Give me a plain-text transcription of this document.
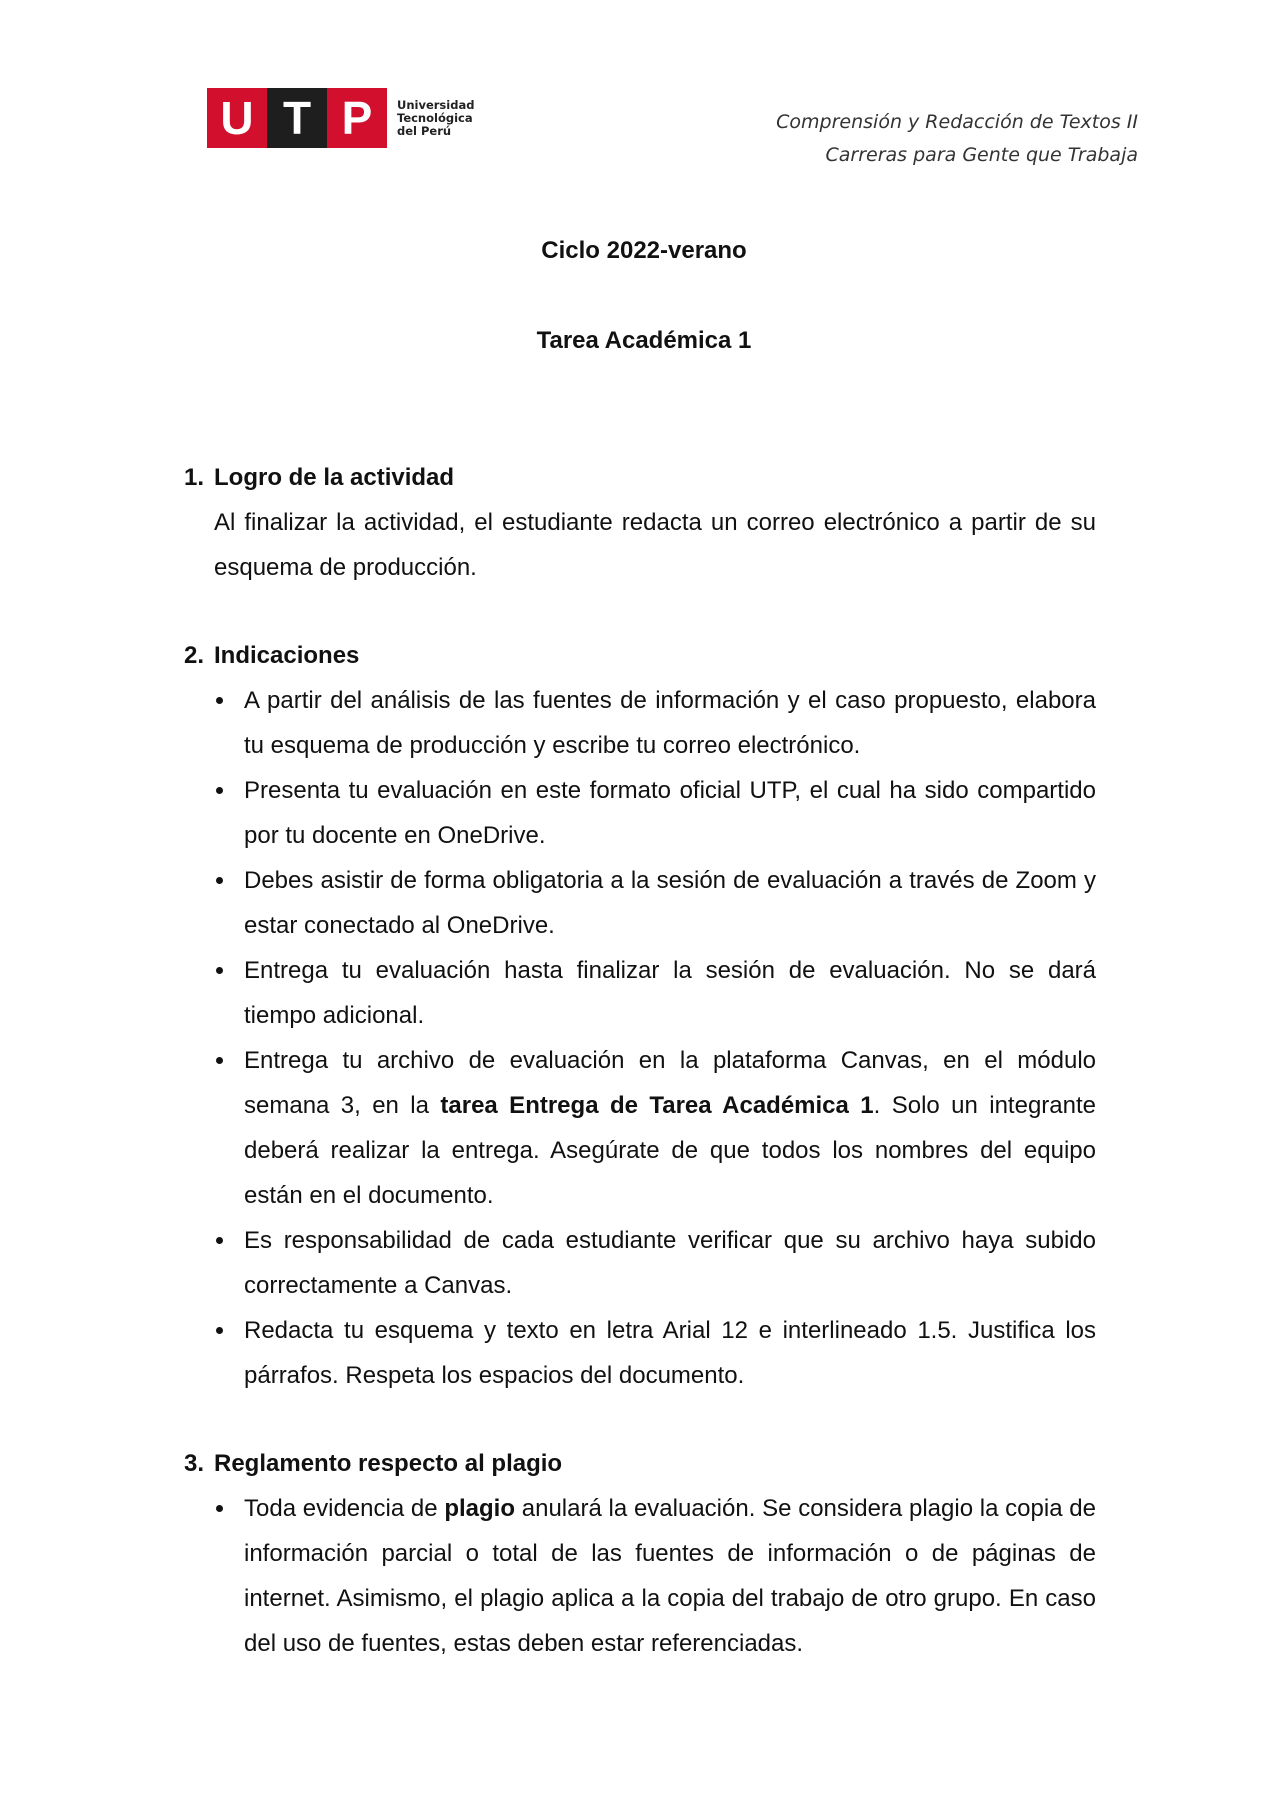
U T P	Universidad
Tecnológica
del Perú	Comprensión y Redacción de Textos II
Carreras para Gente que Trabaja
Ciclo 2022-verano
Tarea Académica 1
1. Logro de la actividad
Al finalizar la actividad, el estudiante redacta un correo electrónico a partir de su esquema de producción.
2. Indicaciones
A partir del análisis de las fuentes de información y el caso propuesto, elabora tu esquema de producción y escribe tu correo electrónico.
Presenta tu evaluación en este formato oficial UTP, el cual ha sido compartido por tu docente en OneDrive.
Debes asistir de forma obligatoria a la sesión de evaluación a través de Zoom y estar conectado al OneDrive.
Entrega tu evaluación hasta finalizar la sesión de evaluación. No se dará tiempo adicional.
Entrega tu archivo de evaluación en la plataforma Canvas, en el módulo semana 3, en la tarea Entrega de Tarea Académica 1. Solo un integrante deberá realizar la entrega. Asegúrate de que todos los nombres del equipo están en el documento.
Es responsabilidad de cada estudiante verificar que su archivo haya subido correctamente a Canvas.
Redacta tu esquema y texto en letra Arial 12 e interlineado 1.5. Justifica los párrafos. Respeta los espacios del documento.
3. Reglamento respecto al plagio
Toda evidencia de plagio anulará la evaluación. Se considera plagio la copia de información parcial o total de las fuentes de información o de páginas de internet. Asimismo, el plagio aplica a la copia del trabajo de otro grupo. En caso del uso de fuentes, estas deben estar referenciadas.
